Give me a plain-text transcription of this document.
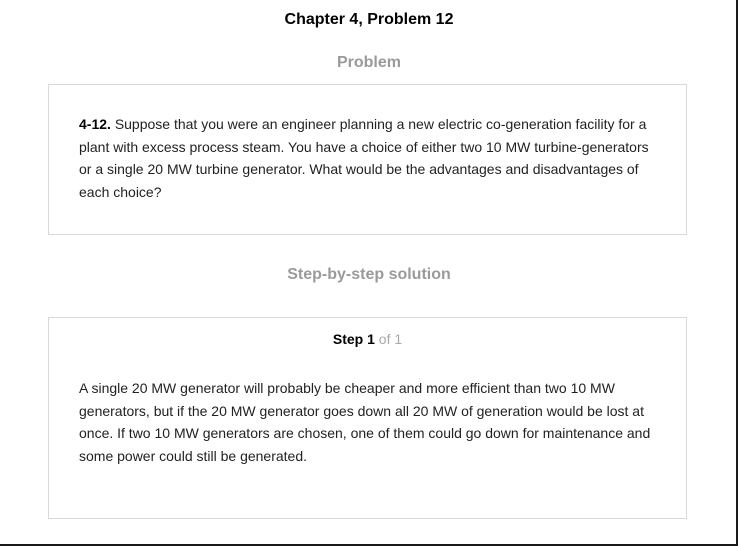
Chapter 4, Problem 12
Problem
4-12. Suppose that you were an engineer planning a new electric co-generation facility for a plant with excess process steam. You have a choice of either two 10 MW turbine-generators or a single 20 MW turbine generator. What would be the advantages and disadvantages of each choice?
Step-by-step solution
Step 1 of 1
A single 20 MW generator will probably be cheaper and more efficient than two 10 MW generators, but if the 20 MW generator goes down all 20 MW of generation would be lost at once. If two 10 MW generators are chosen, one of them could go down for maintenance and some power could still be generated.
